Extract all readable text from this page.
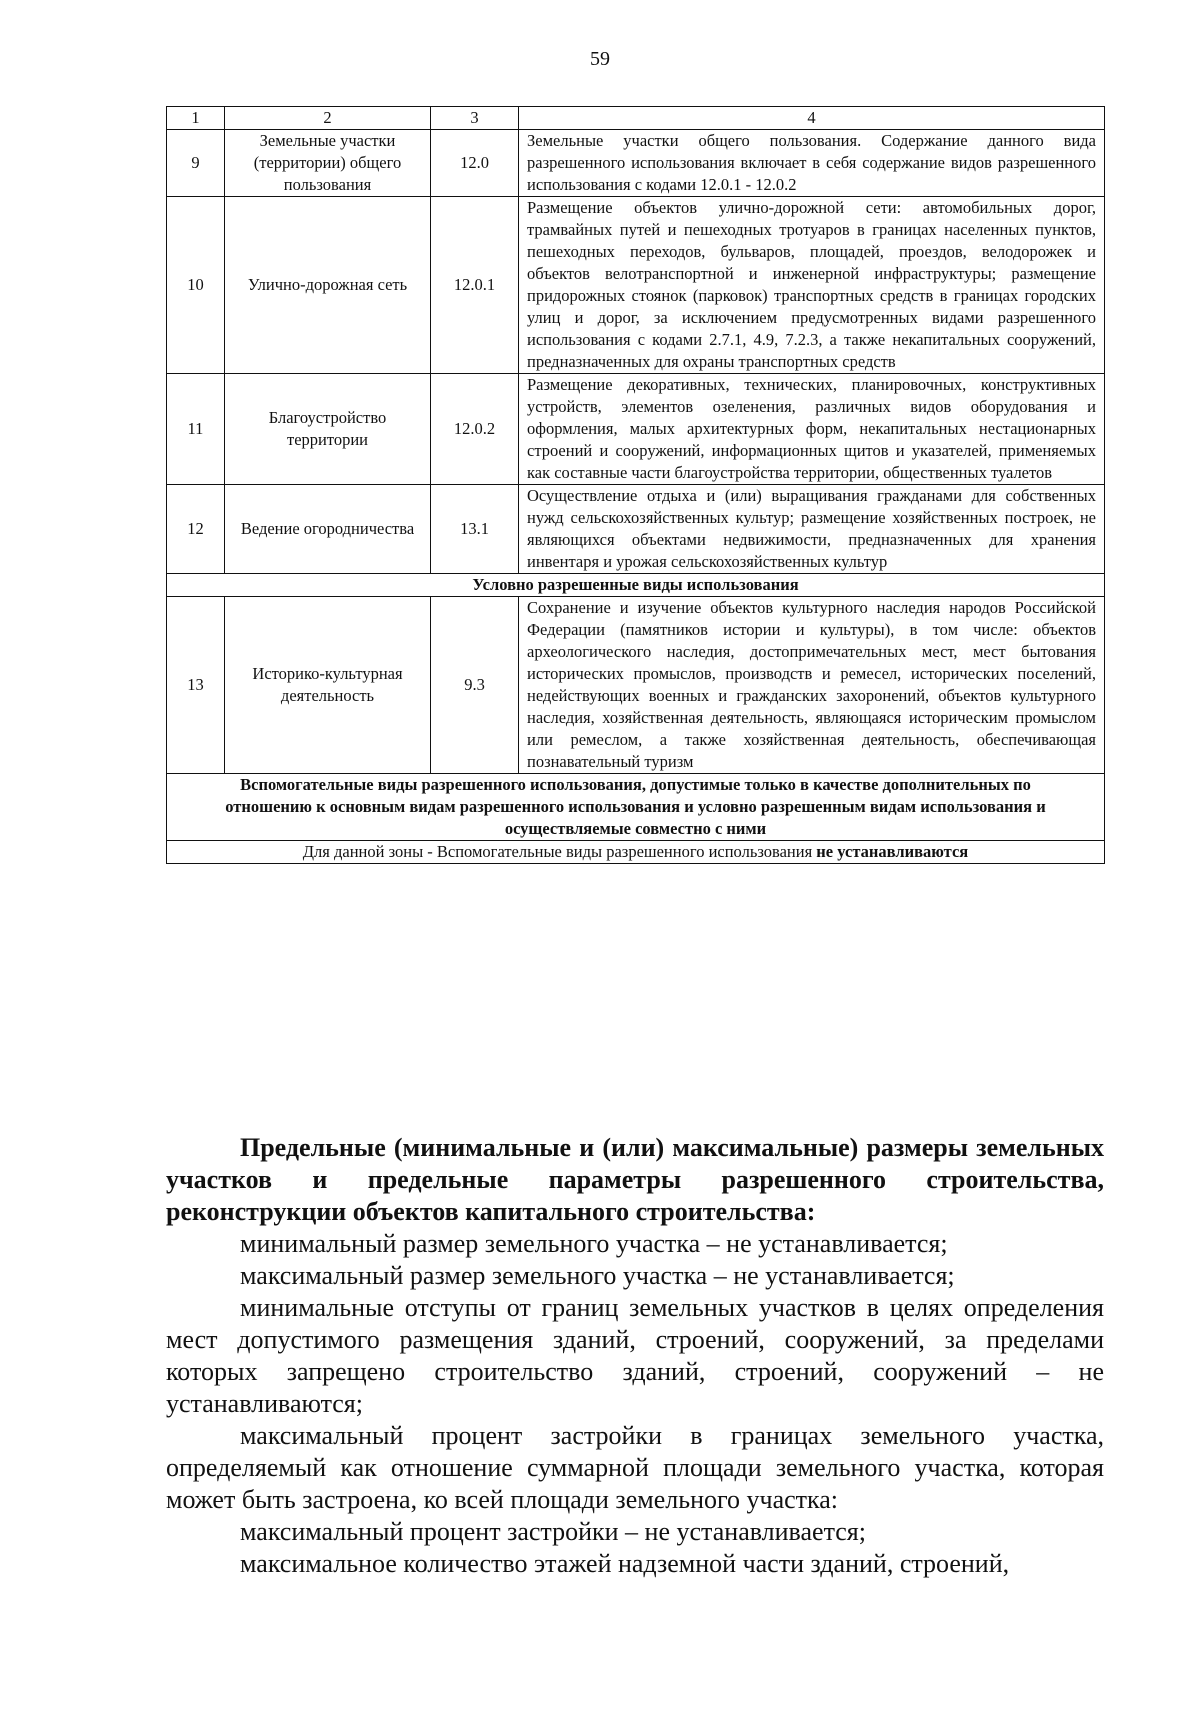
59
1	2	3	4
9	Земельные участки (территории) общего пользования	12.0	Земельные участки общего пользования. Содержание данного вида разрешенного использования включает в себя содержание видов разрешенного использования с кодами 12.0.1 - 12.0.2
10	Улично-дорожная сеть	12.0.1	Размещение объектов улично-дорожной сети: автомобильных дорог, трамвайных путей и пешеходных тротуаров в границах населенных пунктов, пешеходных переходов, бульваров, площадей, проездов, велодорожек и объектов велотранспортной и инженерной инфраструктуры; размещение придорожных стоянок (парковок) транспортных средств в границах городских улиц и дорог, за исключением предусмотренных видами разрешенного использования с кодами 2.7.1, 4.9, 7.2.3, а также некапитальных сооружений, предназначенных для охраны транспортных средств
11	Благоустройство территории	12.0.2	Размещение декоративных, технических, планировочных, конструктивных устройств, элементов озеленения, различных видов оборудования и оформления, малых архитектурных форм, некапитальных нестационарных строений и сооружений, информационных щитов и указателей, применяемых как составные части благоустройства территории, общественных туалетов
12	Ведение огородничества	13.1	Осуществление отдыха и (или) выращивания гражданами для собственных нужд сельскохозяйственных культур; размещение хозяйственных построек, не являющихся объектами недвижимости, предназначенных для хранения инвентаря и урожая сельскохозяйственных культур
Условно разрешенные виды использования			
13	Историко-культурная деятельность	9.3	Сохранение и изучение объектов культурного наследия народов Российской Федерации (памятников истории и культуры), в том числе: объектов археологического наследия, достопримечательных мест, мест бытования исторических промыслов, производств и ремесел, исторических поселений, недействующих военных и гражданских захоронений, объектов культурного наследия, хозяйственная деятельность, являющаяся историческим промыслом или ремеслом, а также хозяйственная деятельность, обеспечивающая познавательный туризм
Вспомогательные виды разрешенного использования, допустимые только в качестве дополнительных по отношению к основным видам разрешенного использования и условно разрешенным видам использования и осуществляемые совместно с ними			
Для данной зоны - Вспомогательные виды разрешенного использования не устанавливаются			

Предельные (минимальные и (или) максимальные) размеры земельных участков и предельные параметры разрешенного строительства, реконструкции объектов капитального строительства:

минимальный размер земельного участка – не устанавливается;

максимальный размер земельного участка – не устанавливается;

минимальные отступы от границ земельных участков в целях определения мест допустимого размещения зданий, строений, сооружений, за пределами которых запрещено строительство зданий, строений, сооружений – не устанавливаются;

максимальный процент застройки в границах земельного участка, определяемый как отношение суммарной площади земельного участка, которая может быть застроена, ко всей площади земельного участка:

максимальный процент застройки – не устанавливается;

максимальное количество этажей надземной части зданий, строений,
